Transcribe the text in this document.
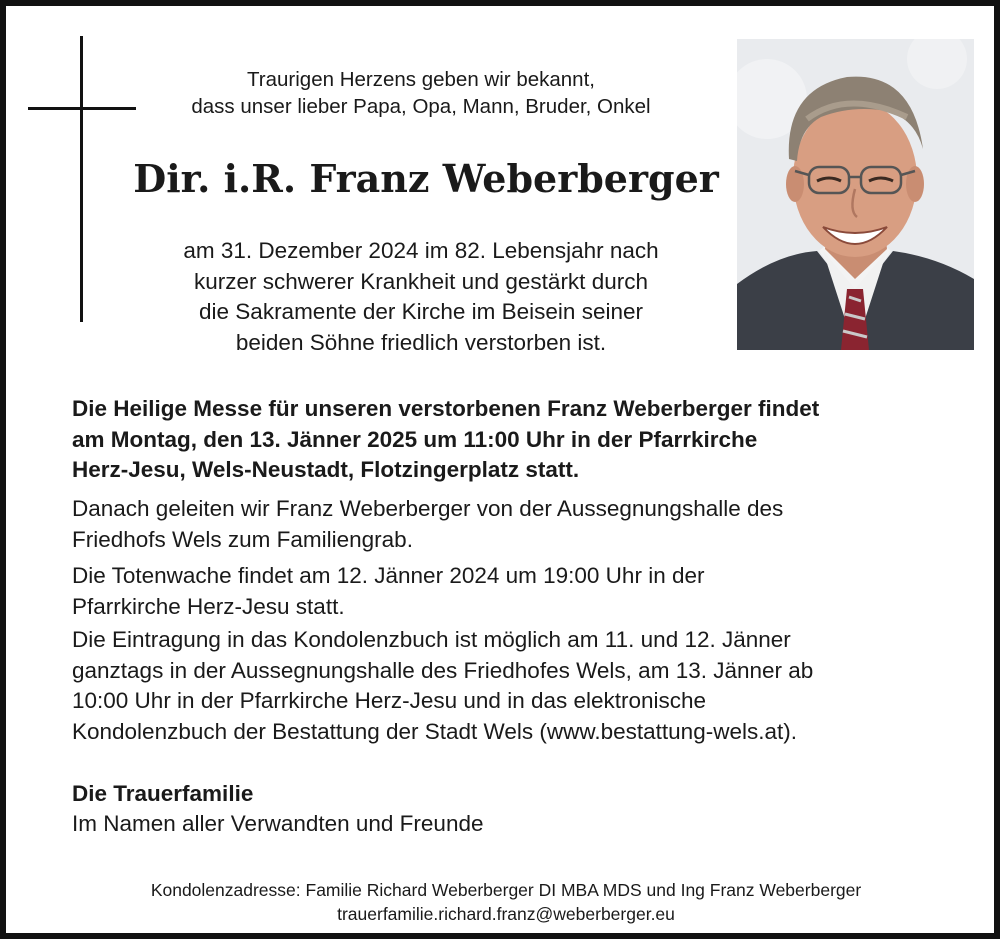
Traurigen Herzens geben wir bekannt,
dass unser lieber Papa, Opa, Mann, Bruder, Onkel
Dir. i.R. Franz Weberberger
am 31. Dezember 2024 im 82. Lebensjahr nach
kurzer schwerer Krankheit und gestärkt durch
die Sakramente der Kirche im Beisein seiner
beiden Söhne friedlich verstorben ist.
Die Heilige Messe für unseren verstorbenen Franz Weberberger findet
am Montag, den 13. Jänner 2025 um 11:00 Uhr in der Pfarrkirche
Herz-Jesu, Wels-Neustadt, Flotzingerplatz statt.
Danach geleiten wir Franz Weberberger von der Aussegnungshalle des
Friedhofs Wels zum Familiengrab.
Die Totenwache findet am 12. Jänner 2024 um 19:00 Uhr in der
Pfarrkirche Herz-Jesu statt.
Die Eintragung in das Kondolenzbuch ist möglich am 11. und 12. Jänner
ganztags in der Aussegnungshalle des Friedhofes Wels, am 13. Jänner ab
10:00 Uhr in der Pfarrkirche Herz-Jesu und in das elektronische
Kondolenzbuch der Bestattung der Stadt Wels (www.bestattung-wels.at).
Die Trauerfamilie
Im Namen aller Verwandten und Freunde
Kondolenzadresse: Familie Richard Weberberger DI MBA MDS und Ing Franz Weberberger
trauerfamilie.richard.franz@weberberger.eu
